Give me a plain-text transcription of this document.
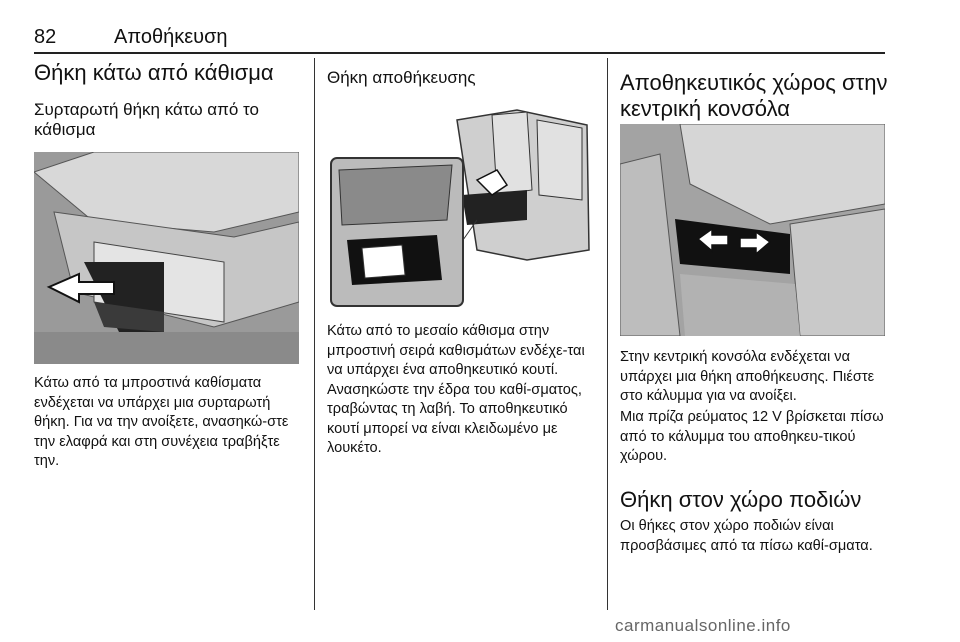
82	Αποθήκευση
Θήκη κάτω από κάθισμα
Συρταρωτή θήκη κάτω από το κάθισμα

Κάτω από τα μπροστινά καθίσματα ενδέχεται να υπάρχει μια συρταρωτή θήκη. Για να την ανοίξετε, ανασηκώ-στε την ελαφρά και στη συνέχεια τραβήξτε την.

Θήκη αποθήκευσης

Κάτω από το μεσαίο κάθισμα στην μπροστινή σειρά καθισμάτων ενδέχε-ται να υπάρχει ένα αποθηκευτικό κουτί. Ανασηκώστε την έδρα του καθί-σματος, τραβώντας τη λαβή. Το αποθηκευτικό κουτί μπορεί να είναι κλειδωμένο με λουκέτο.

Αποθηκευτικός χώρος στην κεντρική κονσόλα

Στην κεντρική κονσόλα ενδέχεται να υπάρχει μια θήκη αποθήκευσης. Πιέστε στο κάλυμμα για να ανοίξει.

Μια πρίζα ρεύματος 12 V βρίσκεται πίσω από το κάλυμμα του αποθηκευ-τικού χώρου.

Θήκη στον χώρο ποδιών

Οι θήκες στον χώρο ποδιών είναι προσβάσιμες από τα πίσω καθί-σματα.

carmanualsonline.info
